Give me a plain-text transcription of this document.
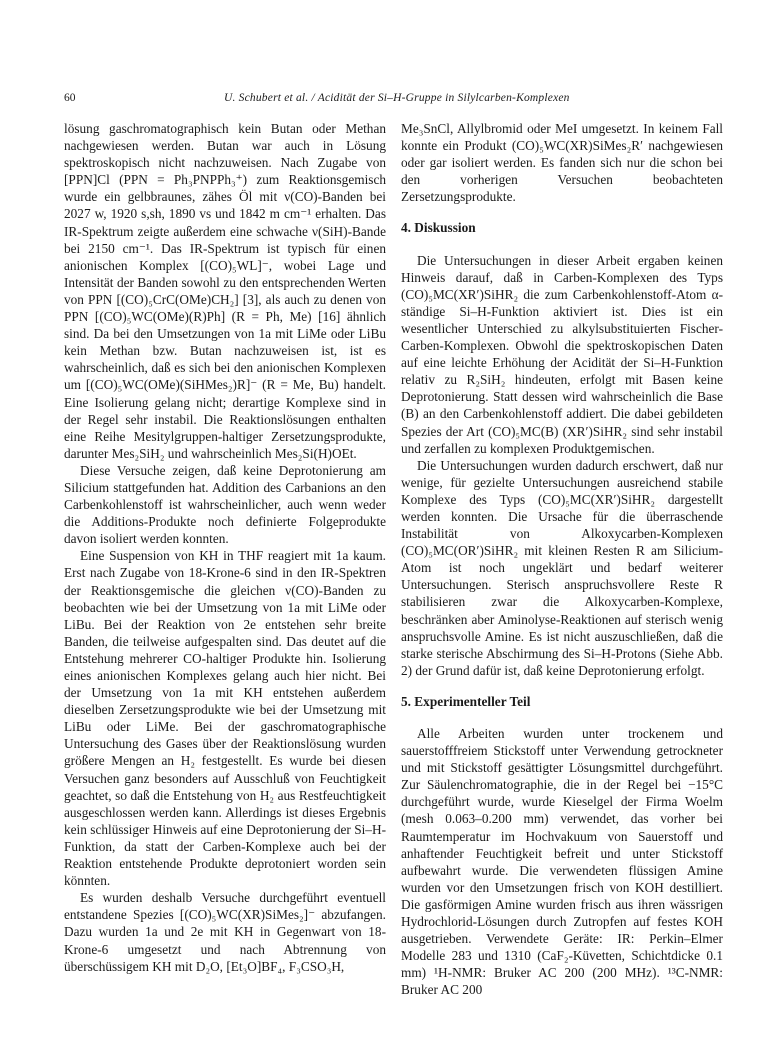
60	U. Schubert et al. / Acidität der Si–H-Gruppe in Silylcarben-Komplexen

lösung gaschromatographisch kein Butan oder Methan nachgewiesen werden. Butan war auch in Lösung spektroskopisch nicht nachzuweisen. Nach Zugabe von [PPN]Cl (PPN = Ph₃PNPPh₃⁺) zum Reaktionsgemisch wurde ein gelbbraunes, zähes Öl mit ν(CO)-Banden bei 2027 w, 1920 s,sh, 1890 vs und 1842 m cm⁻¹ erhalten. Das IR-Spektrum zeigte außerdem eine schwache ν(SiH)-Bande bei 2150 cm⁻¹. Das IR-Spektrum ist typisch für einen anionischen Komplex [(CO)₅WL]⁻, wobei Lage und Intensität der Banden sowohl zu den entsprechenden Werten von PPN [(CO)₅CrC(OMe)CH₂] [3], als auch zu denen von PPN [(CO)₅WC(OMe)(R)Ph] (R = Ph, Me) [16] ähnlich sind. Da bei den Umsetzungen von 1a mit LiMe oder LiBu kein Methan bzw. Butan nachzuweisen ist, ist es wahrscheinlich, daß es sich bei den anionischen Komplexen um [(CO)₅WC(OMe)(SiHMes₂)R]⁻ (R = Me, Bu) handelt. Eine Isolierung gelang nicht; derartige Komplexe sind in der Regel sehr instabil. Die Reaktionslösungen enthalten eine Reihe Mesitylgruppen-haltiger Zersetzungsprodukte, darunter Mes₂SiH₂ und wahrscheinlich Mes₂Si(H)OEt.

Diese Versuche zeigen, daß keine Deprotonierung am Silicium stattgefunden hat. Addition des Carbanions an den Carbenkohlenstoff ist wahrscheinlicher, auch wenn weder die Additions-Produkte noch definierte Folgeprodukte davon isoliert werden konnten.

Eine Suspension von KH in THF reagiert mit 1a kaum. Erst nach Zugabe von 18-Krone-6 sind in den IR-Spektren der Reaktionsgemische die gleichen ν(CO)-Banden zu beobachten wie bei der Umsetzung von 1a mit LiMe oder LiBu. Bei der Reaktion von 2e entstehen sehr breite Banden, die teilweise aufgespalten sind. Das deutet auf die Entstehung mehrerer CO-haltiger Produkte hin. Isolierung eines anionischen Komplexes gelang auch hier nicht. Bei der Umsetzung von 1a mit KH entstehen außerdem dieselben Zersetzungsprodukte wie bei der Umsetzung mit LiBu oder LiMe. Bei der gaschromatographische Untersuchung des Gases über der Reaktionslösung wurden größere Mengen an H₂ festgestellt. Es wurde bei diesen Versuchen ganz besonders auf Ausschluß von Feuchtigkeit geachtet, so daß die Entstehung von H₂ aus Restfeuchtigkeit ausgeschlossen werden kann. Allerdings ist dieses Ergebnis kein schlüssiger Hinweis auf eine Deprotonierung der Si–H-Funktion, da statt der Carben-Komplexe auch bei der Reaktion entstehende Produkte deprotoniert worden sein könnten.

Es wurden deshalb Versuche durchgeführt eventuell entstandene Spezies [(CO)₅WC(XR)SiMes₂]⁻ abzufangen. Dazu wurden 1a und 2e mit KH in Gegenwart von 18-Krone-6 umgesetzt und nach Abtrennung von überschüssigem KH mit D₂O, [Et₃O]BF₄, F₃CSO₃H,

Me₃SnCl, Allylbromid oder MeI umgesetzt. In keinem Fall konnte ein Produkt (CO)₅WC(XR)SiMes₂R′ nachgewiesen oder gar isoliert werden. Es fanden sich nur die schon bei den vorherigen Versuchen beobachteten Zersetzungsprodukte.

4. Diskussion

Die Untersuchungen in dieser Arbeit ergaben keinen Hinweis darauf, daß in Carben-Komplexen des Typs (CO)₅MC(XR′)SiHR₂ die zum Carbenkohlenstoff-Atom α-ständige Si–H-Funktion aktiviert ist. Dies ist ein wesentlicher Unterschied zu alkylsubstituierten Fischer-Carben-Komplexen. Obwohl die spektroskopischen Daten auf eine leichte Erhöhung der Acidität der Si–H-Funktion relativ zu R₂SiH₂ hindeuten, erfolgt mit Basen keine Deprotonierung. Statt dessen wird wahrscheinlich die Base (B) an den Carbenkohlenstoff addiert. Die dabei gebildeten Spezies der Art (CO)₅MC(B) (XR′)SiHR₂ sind sehr instabil und zerfallen zu komplexen Produktgemischen.

Die Untersuchungen wurden dadurch erschwert, daß nur wenige, für gezielte Untersuchungen ausreichend stabile Komplexe des Typs (CO)₅MC(XR′)SiHR₂ dargestellt werden konnten. Die Ursache für die überraschende Instabilität von Alkoxycarben-Komplexen (CO)₅MC(OR′)SiHR₂ mit kleinen Resten R am Silicium-Atom ist noch ungeklärt und bedarf weiterer Untersuchungen. Sterisch anspruchsvollere Reste R stabilisieren zwar die Alkoxycarben-Komplexe, beschränken aber Aminolyse-Reaktionen auf sterisch wenig anspruchsvolle Amine. Es ist nicht auszuschließen, daß die starke sterische Abschirmung des Si–H-Protons (Siehe Abb. 2) der Grund dafür ist, daß keine Deprotonierung erfolgt.

5. Experimenteller Teil

Alle Arbeiten wurden unter trockenem und sauerstofffreiem Stickstoff unter Verwendung getrockneter und mit Stickstoff gesättigter Lösungsmittel durchgeführt. Zur Säulenchromatographie, die in der Regel bei −15°C durchgeführt wurde, wurde Kieselgel der Firma Woelm (mesh 0.063–0.200 mm) verwendet, das vorher bei Raumtemperatur im Hochvakuum von Sauerstoff und anhaftender Feuchtigkeit befreit und unter Stickstoff aufbewahrt wurde. Die verwendeten flüssigen Amine wurden vor den Umsetzungen frisch von KOH destilliert. Die gasförmigen Amine wurden frisch aus ihren wässrigen Hydrochlorid-Lösungen durch Zutropfen auf festes KOH ausgetrieben. Verwendete Geräte: IR: Perkin–Elmer Modelle 283 und 1310 (CaF₂-Küvetten, Schichtdicke 0.1 mm) ¹H-NMR: Bruker AC 200 (200 MHz). ¹³C-NMR: Bruker AC 200
